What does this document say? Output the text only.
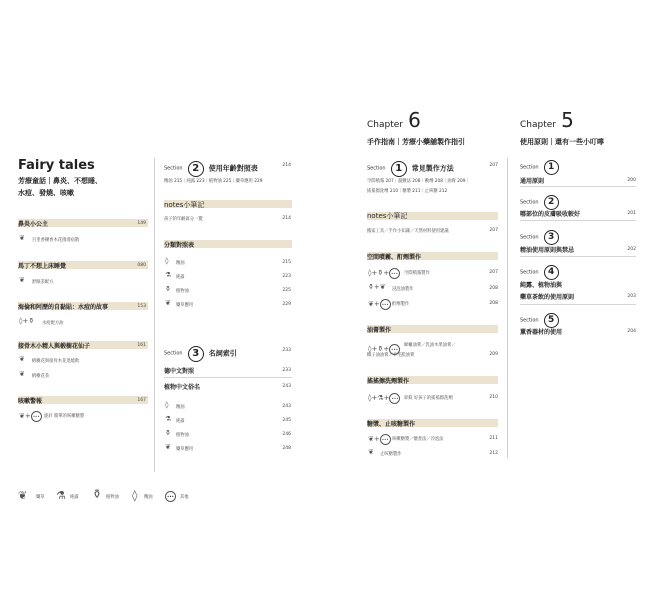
Fairy tales
芳療童話｜鼻炎、不想睡、
水痘、發燒、咳嗽
鼻炎小公主	149
❦ 百里香擴香木花園漫宿散
馬丁不想上床睡覺	080
❦ 舒眠茶配方
海倫和阿歷的自黏貼：水痘的故事	153
◊+⚱ 水痘配方油
接骨木小精人與椴樹花仙子	161
❦ 椴樹花與接骨木花退燒飲
❦ 椴樹花茶
咳嗽警報	167
❦+ ••• 旋針 簡單的咳嗽糖漿
Section 2 使用年齡對照表	214
精油 215｜純露 223｜植物油 225｜藥草應用 229
notes小筆記
孩子的年齡區分一覽	214
分類對照表
◊ 精油	215
⚗ 純露	223
⚱ 植物油	225
❦ 藥草應用	229
Section 3 名詞索引	233
德中文對照	233
植物中文俗名	243
◊ 精油	243
⚗ 純露	245
⚱ 植物油	246
❦ 藥草應用	248
❦ 藥草 ⚗ 純露 ⚱ 植物油 ◊ 精油	•••	其他
Chapter 6
手作指南｜芳療小藥舖製作指引
Section 1 常見製作方法	207
空間噴霧 207｜濕敷法 208｜敷劑 208｜油膏 209｜
搖搖擦洗劑 210｜糖漿 211｜止咳糖 212
notes小筆記
搬家工具／手作小知識／天然材料使用建議	207
空間噴霧、酊劑製作
◊+⚱+ •••	空間噴霧製作	207
⚱+❦ 浸泡油製作	208
❦+ ••• 酊劑製作	208
油膏製作
◊+⚱+ •••
蜂蠟油膏／乳油木果油膏／
椰子油油膏／羊毛脂油膏	209
搖搖擦洗劑製作
◊+⚗+ •••	鋅錠 好孩子的搖搖擦洗劑	210
糖漿、止咳糖製作
❦+ ••• 咳嗽糖漿／燉煮法／冷泡法	211
❦ 止咳糖製作	212
Chapter 5
使用原則｜還有一些小叮嚀
Section 1
通用原則	200
Section 2
哪部位的皮膚吸收較好	201
Section 3
精油使用原則與禁忌	202
Section 4
純露、植物油與
藥草茶飲的使用原則	203
Section 5
薰香器材的使用	204
